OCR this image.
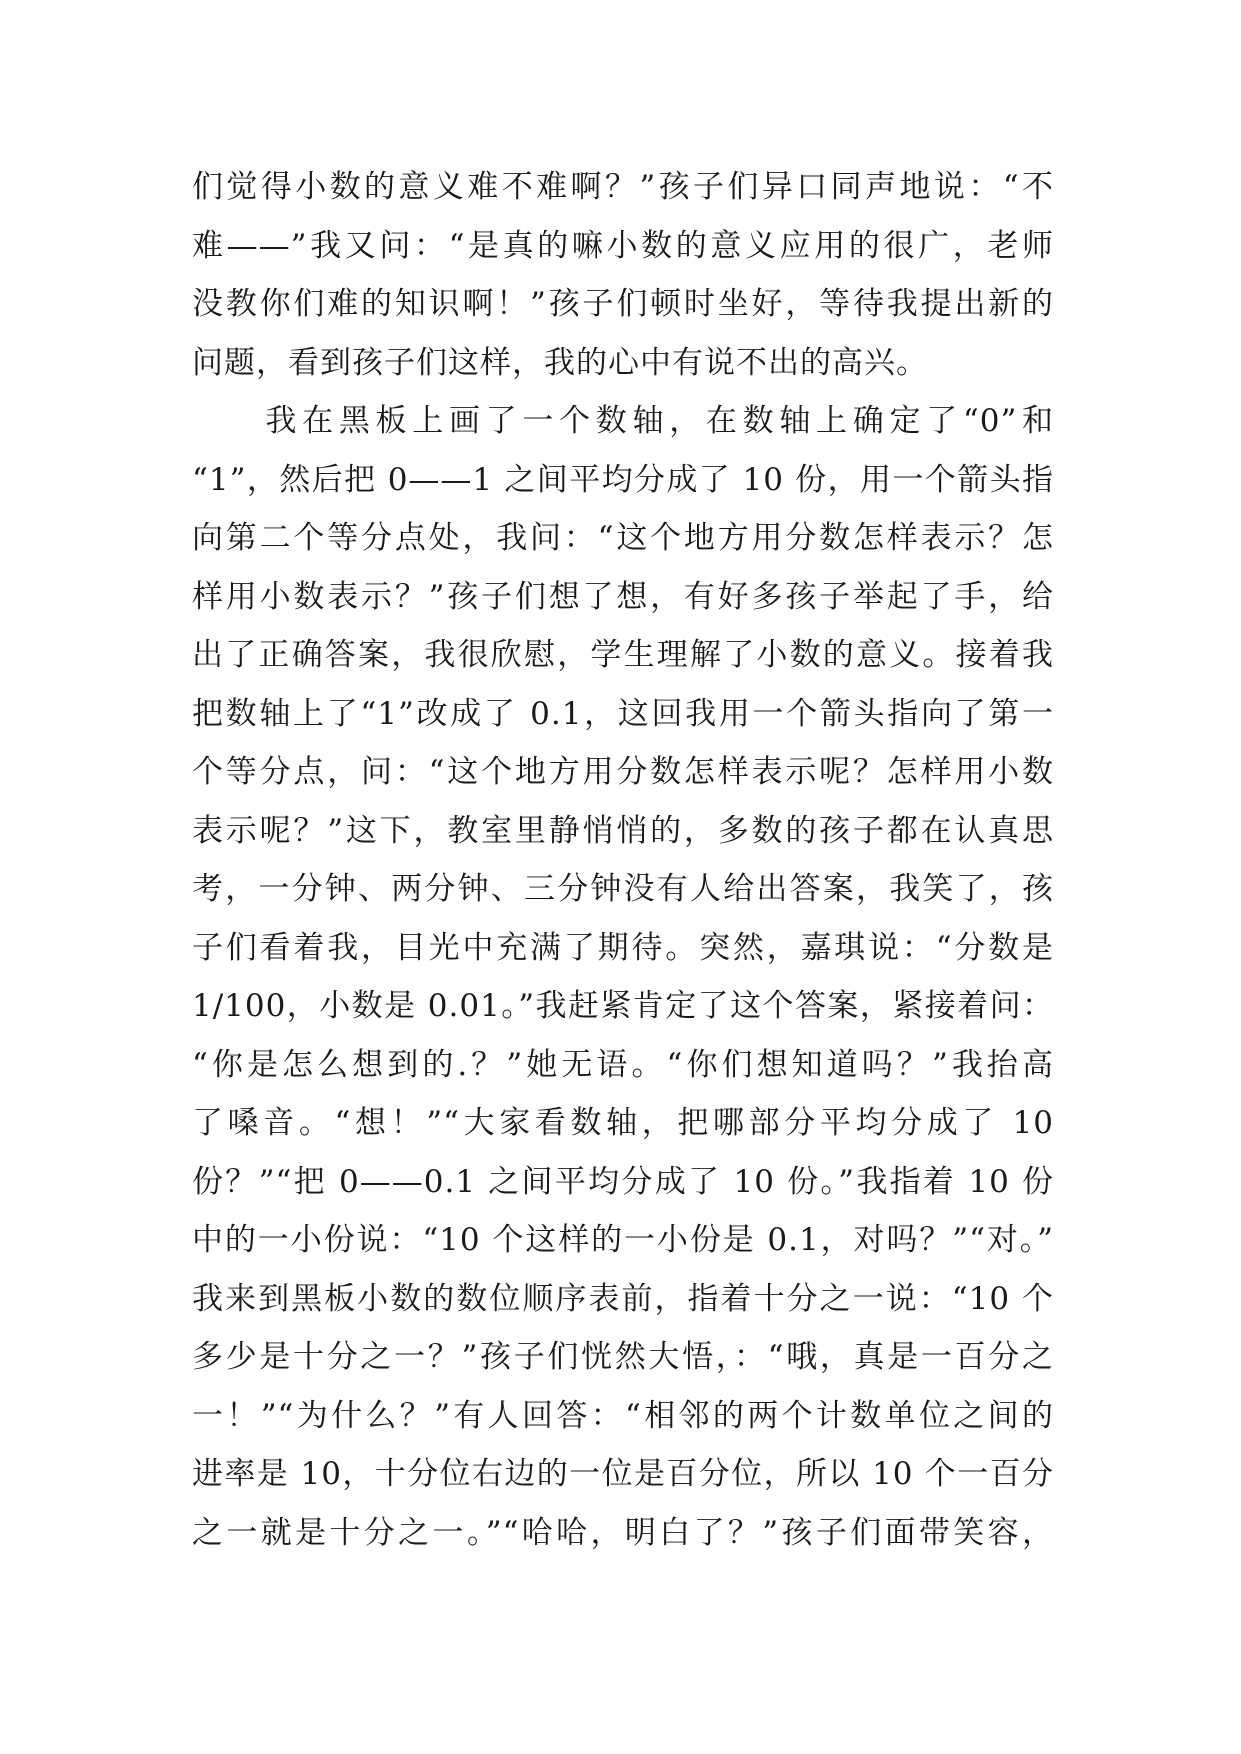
们觉得小数的意义难不难啊？”孩子们异口同声地说：“不
难——”我又问：“是真的嘛小数的意义应用的很广，老师
没教你们难的知识啊！”孩子们顿时坐好，等待我提出新的
问题，看到孩子们这样，我的心中有说不出的高兴。
　　我在黑板上画了一个数轴，在数轴上确定了“0”和
“1”，然后把 0——1 之间平均分成了 10 份，用一个箭头指
向第二个等分点处，我问：“这个地方用分数怎样表示？怎
样用小数表示？”孩子们想了想，有好多孩子举起了手，给
出了正确答案，我很欣慰，学生理解了小数的意义。接着我
把数轴上了“1”改成了 0.1，这回我用一个箭头指向了第一
个等分点，问：“这个地方用分数怎样表示呢？怎样用小数
表示呢？”这下，教室里静悄悄的，多数的孩子都在认真思
考，一分钟、两分钟、三分钟没有人给出答案，我笑了，孩
子们看着我，目光中充满了期待。突然，嘉琪说：“分数是
1/100，小数是 0.01。”我赶紧肯定了这个答案，紧接着问：
“你是怎么想到的.？”她无语。“你们想知道吗？”我抬高
了嗓音。“想！”“大家看数轴，把哪部分平均分成了 10
份？”“把 0——0.1 之间平均分成了 10 份。”我指着 10 份
中的一小份说：“10 个这样的一小份是 0.1，对吗？”“对。”
我来到黑板小数的数位顺序表前，指着十分之一说：“10 个
多少是十分之一？”孩子们恍然大悟，：“哦，真是一百分之
一！”“为什么？”有人回答：“相邻的两个计数单位之间的
进率是 10，十分位右边的一位是百分位，所以 10 个一百分
之一就是十分之一。”“哈哈，明白了？”孩子们面带笑容，
